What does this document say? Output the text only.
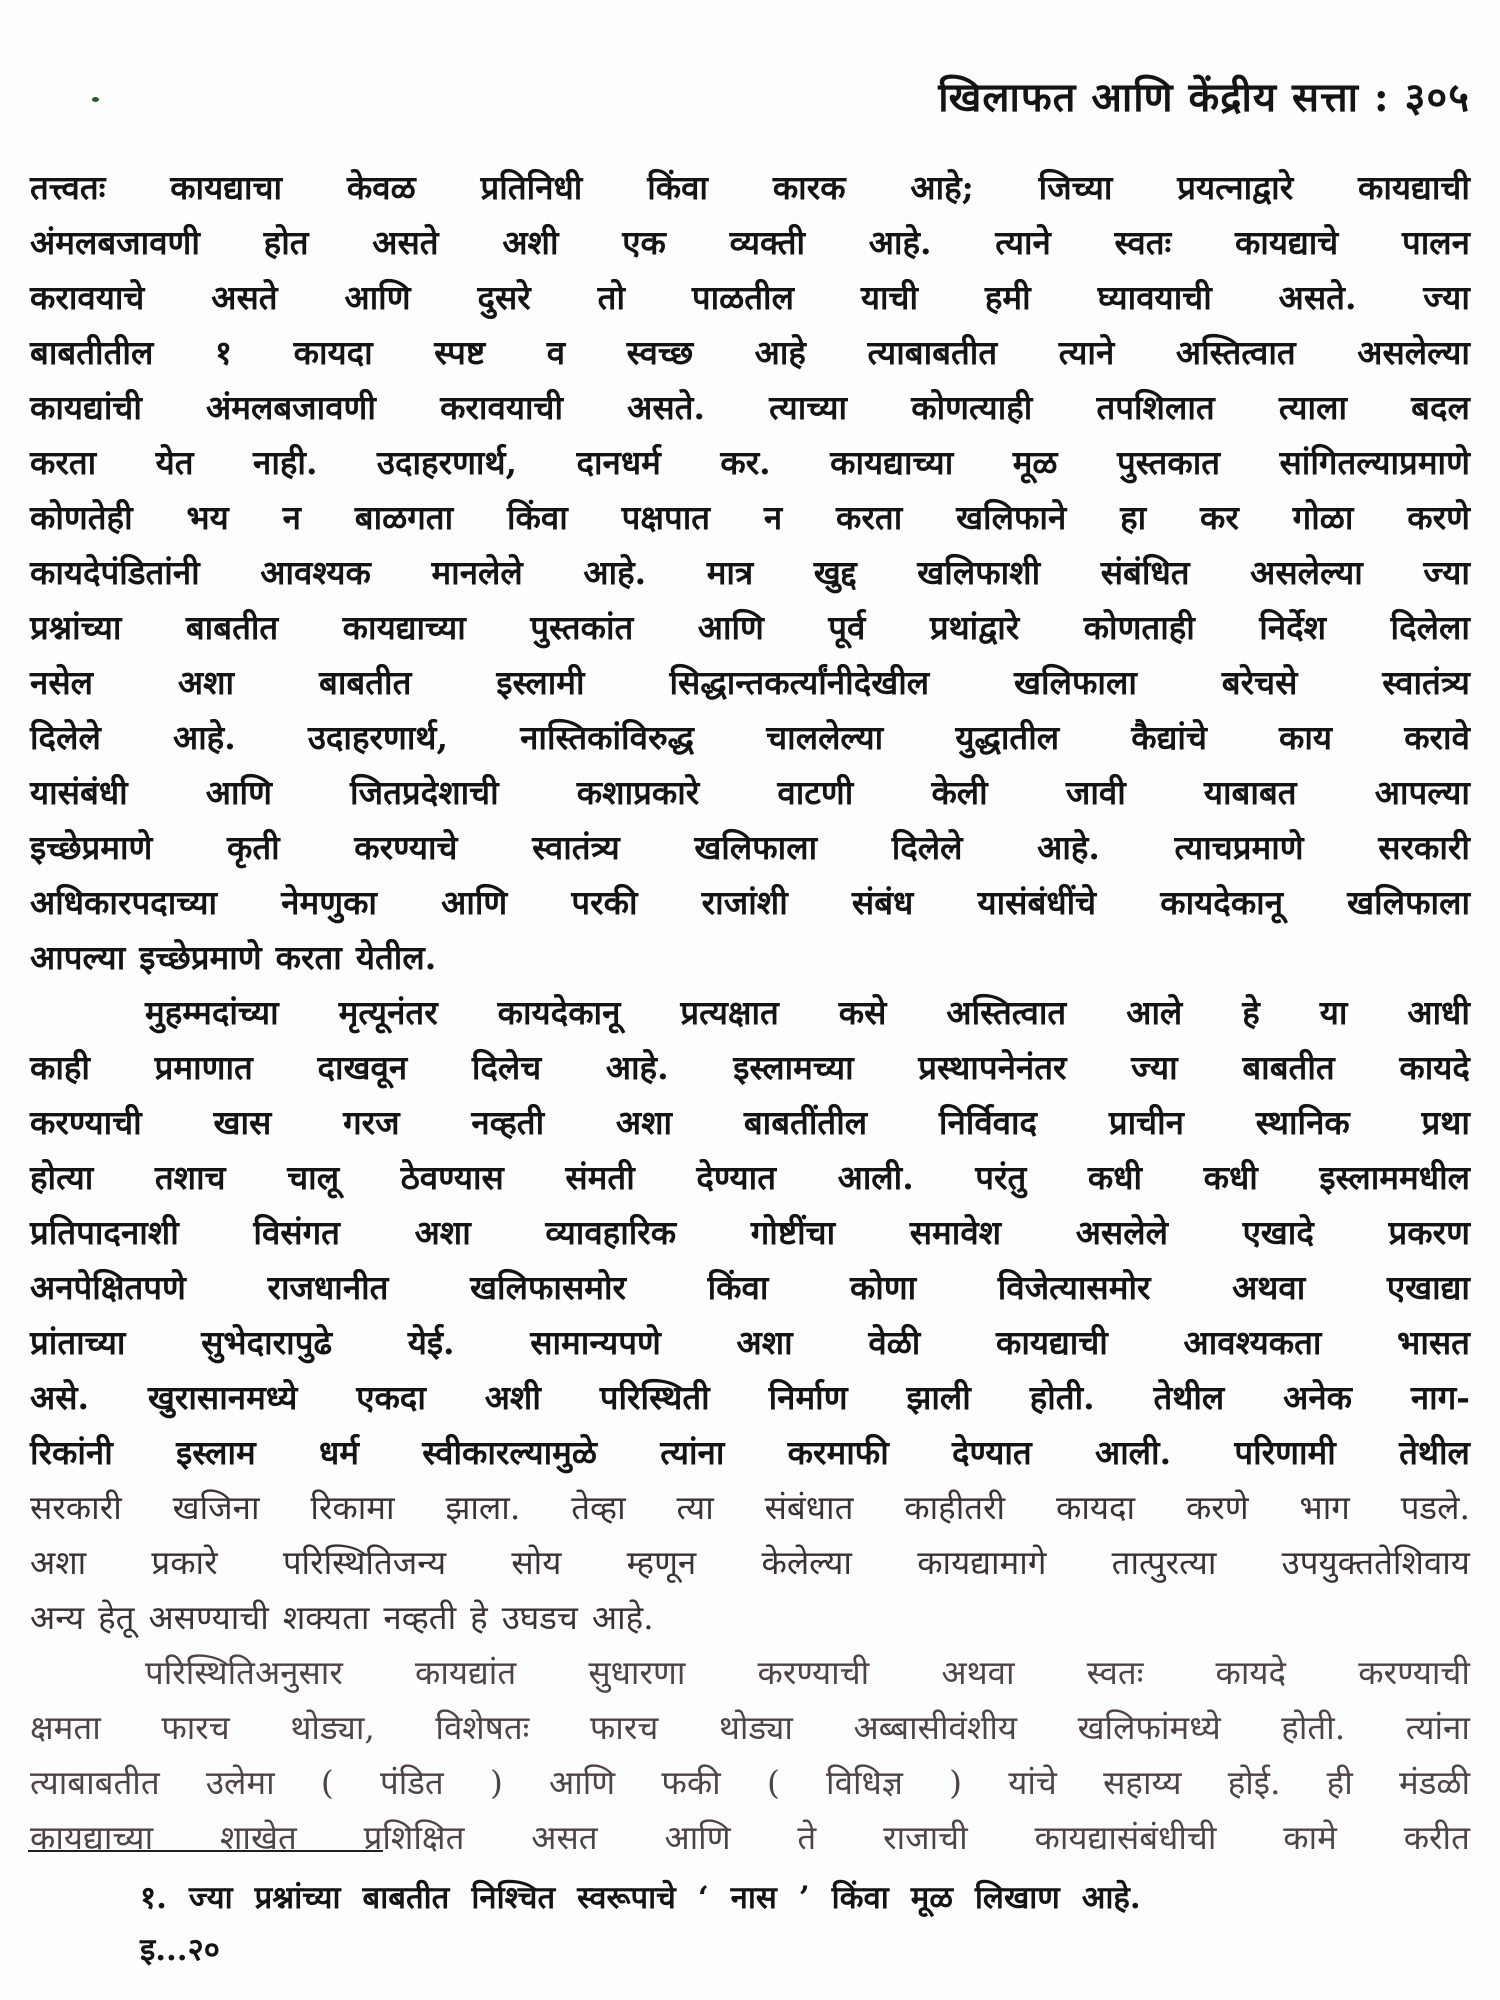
खिलाफत आणि केंद्रीय सत्ता : ३०५
तत्त्वतः कायद्याचा केवळ प्रतिनिधी किंवा कारक आहे; जिच्या प्रयत्नाद्वारे कायद्याची
अंमलबजावणी होत असते अशी एक व्यक्ती आहे. त्याने स्वतः कायद्याचे पालन
करावयाचे असते आणि दुसरे तो पाळतील याची हमी घ्यावयाची असते. ज्या
बाबतीतील १ कायदा स्पष्ट व स्वच्छ आहे त्याबाबतीत त्याने अस्तित्वात असलेल्या
कायद्यांची अंमलबजावणी करावयाची असते. त्याच्या कोणत्याही तपशिलात त्याला बदल
करता येत नाही. उदाहरणार्थ, दानधर्म कर. कायद्याच्या मूळ पुस्तकात सांगितल्याप्रमाणे
कोणतेही भय न बाळगता किंवा पक्षपात न करता खलिफाने हा कर गोळा करणे
कायदेपंडितांनी आवश्यक मानलेले आहे. मात्र खुद्द खलिफाशी संबंधित असलेल्या ज्या
प्रश्नांच्या बाबतीत कायद्याच्या पुस्तकांत आणि पूर्व प्रथांद्वारे कोणताही निर्देश दिलेला
नसेल	अशा	बाबतीत	इस्लामी	सिद्धान्तकर्त्यांनीदेखील	खलिफाला	बरेचसे	स्वातंत्र्य
दिलेले आहे. उदाहरणार्थ, नास्तिकांविरुद्ध चाललेल्या युद्धातील कैद्यांचे काय करावे
यासंबंधी आणि जितप्रदेशाची कशाप्रकारे वाटणी केली जावी याबाबत आपल्या
इच्छेप्रमाणे कृती करण्याचे स्वातंत्र्य खलिफाला दिलेले आहे. त्याचप्रमाणे सरकारी
अधिकारपदाच्या नेमणुका आणि परकी राजांशी संबंध यासंबंधींचे कायदेकानू खलिफाला
आपल्या इच्छेप्रमाणे करता येतील.
मुहम्मदांच्या मृत्यूनंतर कायदेकानू प्रत्यक्षात कसे अस्तित्वात आले हे या आधी
काही प्रमाणात दाखवून दिलेच आहे. इस्लामच्या प्रस्थापनेनंतर ज्या बाबतीत कायदे
करण्याची खास गरज नव्हती अशा बाबतींतील निर्विवाद प्राचीन स्थानिक प्रथा
होत्या तशाच चालू ठेवण्यास संमती देण्यात आली. परंतु कधी कधी इस्लाममधील
प्रतिपादनाशी विसंगत अशा व्यावहारिक गोष्टींचा समावेश असलेले एखादे प्रकरण
अनपेक्षितपणे राजधानीत खलिफासमोर किंवा कोणा विजेत्यासमोर अथवा एखाद्या
प्रांताच्या सुभेदारापुढे येई. सामान्यपणे अशा वेळी कायद्याची आवश्यकता भासत
असे. खुरासानमध्ये एकदा अशी परिस्थिती निर्माण झाली होती. तेथील अनेक नाग-
रिकांनी इस्लाम धर्म स्वीकारल्यामुळे त्यांना करमाफी देण्यात आली. परिणामी तेथील
सरकारी खजिना रिकामा झाला. तेव्हा त्या संबंधात काहीतरी कायदा करणे भाग पडले.
अशा प्रकारे परिस्थितिजन्य सोय म्हणून केलेल्या कायद्यामागे तात्पुरत्या उपयुक्ततेशिवाय
अन्य हेतू असण्याची शक्यता नव्हती हे उघडच आहे.
परिस्थितिअनुसार कायद्यांत सुधारणा करण्याची अथवा स्वतः कायदे करण्याची
क्षमता फारच थोड्या, विशेषतः फारच थोड्या अब्बासीवंशीय खलिफांमध्ये होती. त्यांना
त्याबाबतीत उलेमा ( पंडित ) आणि फकी ( विधिज्ञ ) यांचे सहाय्य होई. ही मंडळी
कायद्याच्या शाखेत प्रशिक्षित असत आणि ते राजाची कायद्यासंबंधीची कामे करीत
१. ज्या प्रश्नांच्या बाबतीत निश्चित स्वरूपाचे ‘ नास ’ किंवा मूळ लिखाण आहे.
इ...२०
